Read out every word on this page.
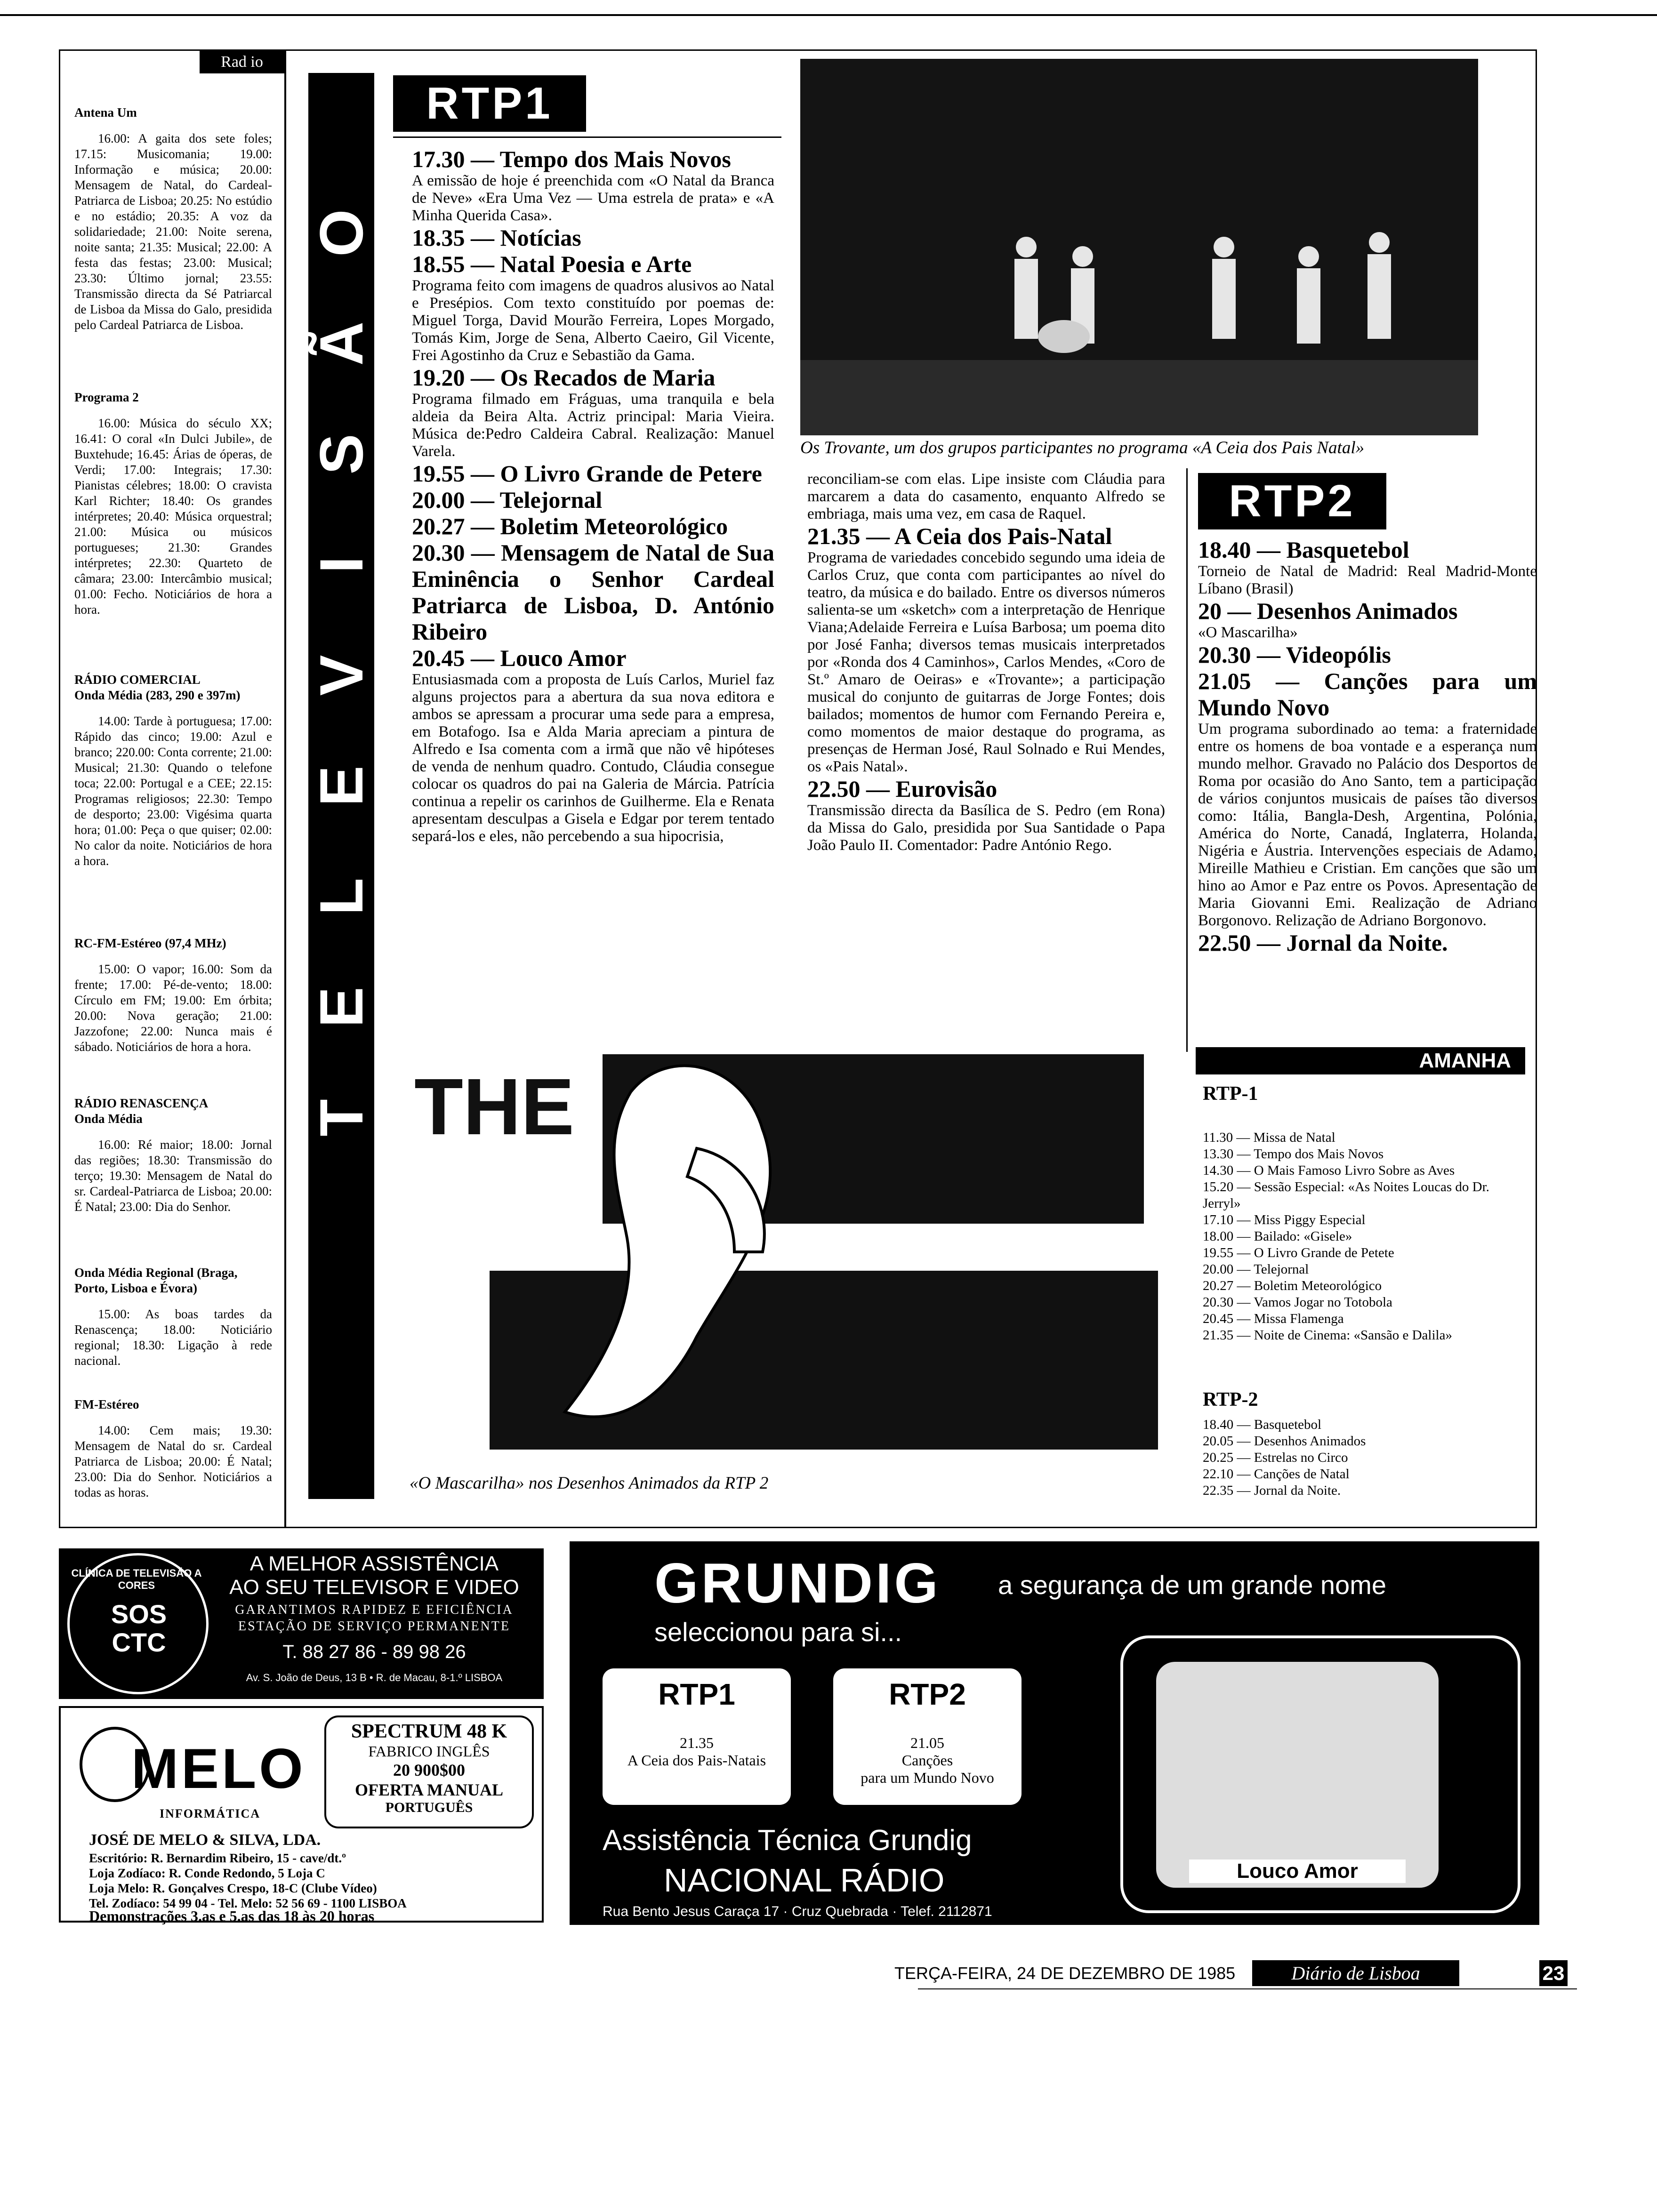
Rad io
Antena Um
16.00: A gaita dos sete foles; 17.15: Musicomania; 19.00: Informação e música; 20.00: Mensagem de Natal, do Cardeal-Patriarca de Lisboa; 20.25: No estúdio e no estádio; 20.35: A voz da solidariedade; 21.00: Noite serena, noite santa; 21.35: Musical; 22.00: A festa das festas; 23.00: Musical; 23.30: Último jornal; 23.55: Transmissão directa da Sé Patriarcal de Lisboa da Missa do Galo, presidida pelo Cardeal Patriarca de Lisboa.
Programa 2
16.00: Música do século XX; 16.41: O coral «In Dulci Jubile», de Buxtehude; 16.45: Árias de óperas, de Verdi; 17.00: Integrais; 17.30: Pianistas célebres; 18.00: O cravista Karl Richter; 18.40: Os grandes intérpretes; 20.40: Música orquestral; 21.00: Música ou músicos portugueses; 21.30: Grandes intérpretes; 22.30: Quarteto de câmara; 23.00: Intercâmbio musical; 01.00: Fecho. Noticiários de hora a hora.
RÁDIO COMERCIAL
Onda Média (283, 290 e 397m)
14.00: Tarde à portuguesa; 17.00: Rápido das cinco; 19.00: Azul e branco; 220.00: Conta corrente; 21.00: Musical; 21.30: Quando o telefone toca; 22.00: Portugal e a CEE; 22.15: Programas religiosos; 22.30: Tempo de desporto; 23.00: Vigésima quarta hora; 01.00: Peça o que quiser; 02.00: No calor da noite. Noticiários de hora a hora.
RC-FM-Estéreo (97,4 MHz)
15.00: O vapor; 16.00: Som da frente; 17.00: Pé-de-vento; 18.00: Círculo em FM; 19.00: Em órbita; 20.00: Nova geração; 21.00: Jazzofone; 22.00: Nunca mais é sábado. Noticiários de hora a hora.
RÁDIO RENASCENÇA
Onda Média
16.00: Ré maior; 18.00: Jornal das regiões; 18.30: Transmissão do terço; 19.30: Mensagem de Natal do sr. Cardeal-Patriarca de Lisboa; 20.00: É Natal; 23.00: Dia do Senhor.
Onda Média Regional (Braga, Porto, Lisboa e Évora)
15.00: As boas tardes da Renascença; 18.00: Noticiário regional; 18.30: Ligação à rede nacional.
FM-Estéreo
14.00: Cem mais; 19.30: Mensagem de Natal do sr. Cardeal Patriarca de Lisboa; 20.00: É Natal; 23.00: Dia do Senhor. Noticiários a todas as horas.
T
E
L
E
V
I
S
Ã
O
RTP1
17.30 — Tempo dos Mais Novos
A emissão de hoje é preenchida com «O Natal da Branca de Neve» «Era Uma Vez — Uma estrela de prata» e «A Minha Querida Casa».
18.35 — Notícias
18.55 — Natal Poesia e Arte
Programa feito com imagens de quadros alusivos ao Natal e Presépios. Com texto constituído por poemas de: Miguel Torga, David Mourão Ferreira, Lopes Morgado, Tomás Kim, Jorge de Sena, Alberto Caeiro, Gil Vicente, Frei Agostinho da Cruz e Sebastião da Gama.
19.20 — Os Recados de Maria
Programa filmado em Fráguas, uma tranquila e bela aldeia da Beira Alta. Actriz principal: Maria Vieira. Música de:Pedro Caldeira Cabral. Realização: Manuel Varela.
19.55 — O Livro Grande de Petere
20.00 — Telejornal
20.27 — Boletim Meteorológico
20.30 — Mensagem de Natal de Sua Eminência o Senhor Cardeal Patriarca de Lisboa, D. António Ribeiro
20.45 — Louco Amor
Entusiasmada com a proposta de Luís Carlos, Muriel faz alguns projectos para a abertura da sua nova editora e ambos se apressam a procurar uma sede para a empresa, em Botafogo. Isa e Alda Maria apreciam a pintura de Alfredo e Isa comenta com a irmã que não vê hipóteses de venda de nenhum quadro. Contudo, Cláudia consegue colocar os quadros do pai na Galeria de Márcia. Patrícia continua a repelir os carinhos de Guilherme. Ela e Renata apresentam desculpas a Gisela e Edgar por terem tentado separá-los e eles, não percebendo a sua hipocrisia,
Os Trovante, um dos grupos participantes no programa «A Ceia dos Pais Natal»
reconciliam-se com elas. Lipe insiste com Cláudia para marcarem a data do casamento, enquanto Alfredo se embriaga, mais uma vez, em casa de Raquel.
21.35 — A Ceia dos Pais-Natal
Programa de variedades concebido segundo uma ideia de Carlos Cruz, que conta com participantes ao nível do teatro, da música e do bailado. Entre os diversos números salienta-se um «sketch» com a interpretação de Henrique Viana;Adelaide Ferreira e Luísa Barbosa; um poema dito por José Fanha; diversos temas musicais interpretados por «Ronda dos 4 Caminhos», Carlos Mendes, «Coro de St.º Amaro de Oeiras» e «Trovante»; a participação musical do conjunto de guitarras de Jorge Fontes; dois bailados; momentos de humor com Fernando Pereira e, como momentos de maior destaque do programa, as presenças de Herman José, Raul Solnado e Rui Mendes, os «Pais Natal».
22.50 — Eurovisão
Transmissão directa da Basílica de S. Pedro (em Rona) da Missa do Galo, presidida por Sua Santidade o Papa João Paulo II. Comentador: Padre António Rego.
RTP2
18.40 — Basquetebol
Torneio de Natal de Madrid: Real Madrid-Monte Líbano (Brasil)
20 — Desenhos Animados
«O Mascarilha»
20.30 — Videopólis
21.05 — Canções para um Mundo Novo
Um programa subordinado ao tema: a fraternidade entre os homens de boa vontade e a esperança num mundo melhor. Gravado no Palácio dos Desportos de Roma por ocasião do Ano Santo, tem a participação de vários conjuntos musicais de países tão diversos como: Itália, Bangla-Desh, Argentina, Polónia, América do Norte, Canadá, Inglaterra, Holanda, Nigéria e Áustria. Intervenções especiais de Adamo, Mireille Mathieu e Cristian. Em canções que são um hino ao Amor e Paz entre os Povos. Apresentação de Maria Giovanni Emi. Realização de Adriano Borgonovo. Relização de Adriano Borgonovo.
22.50 — Jornal da Noite.
THE
«O Mascarilha» nos Desenhos Animados da RTP 2
AMANHA
RTP-1
11.30 — Missa de Natal
13.30 — Tempo dos Mais Novos
14.30 — O Mais Famoso Livro Sobre as Aves
15.20 — Sessão Especial: «As Noites Loucas do Dr. Jerryl»
17.10 — Miss Piggy Especial
18.00 — Bailado: «Gisele»
19.55 — O Livro Grande de Petete
20.00 — Telejornal
20.27 — Boletim Meteorológico
20.30 — Vamos Jogar no Totobola
20.45 — Missa Flamenga
21.35 — Noite de Cinema: «Sansão e Dalila»
RTP-2
18.40 — Basquetebol
20.05 — Desenhos Animados
20.25 — Estrelas no Circo
22.10 — Canções de Natal
22.35 — Jornal da Noite.
CLÍNICA DE TELEVISÃO A CORES
SOS CTC
A MELHOR ASSISTÊNCIA
AO SEU TELEVISOR E VIDEO
GARANTIMOS RAPIDEZ E EFICIÊNCIA
ESTAÇÃO DE SERVIÇO PERMANENTE
T. 88 27 86 - 89 98 26
Av. S. João de Deus, 13 B • R. de Macau, 8-1.º LISBOA
MELO
INFORMÁTICA
SPECTRUM 48 K
FABRICO INGLÊS
20 900$00
OFERTA MANUAL
PORTUGUÊS
JOSÉ DE MELO & SILVA, LDA.
Escritório: R. Bernardim Ribeiro, 15 - cave/dt.º
Loja Zodíaco: R. Conde Redondo, 5 Loja C
Loja Melo: R. Gonçalves Crespo, 18-C (Clube Vídeo)
Tel. Zodíaco: 54 99 04 - Tel. Melo: 52 56 69 - 1100 LISBOA
Demonstrações 3.as e 5.as das 18 às 20 horas
GRUNDIG a segurança de um grande nome
seleccionou para si...
RTP1
21.35
A Ceia dos Pais-Natais
RTP2
21.05
Canções
para um Mundo Novo
Louco Amor
Assistência Técnica Grundig
NACIONAL RÁDIO
Rua Bento Jesus Caraça 17 · Cruz Quebrada · Telef. 2112871
TERÇA-FEIRA, 24 DE DEZEMBRO DE 1985	Diário de Lisboa	23
